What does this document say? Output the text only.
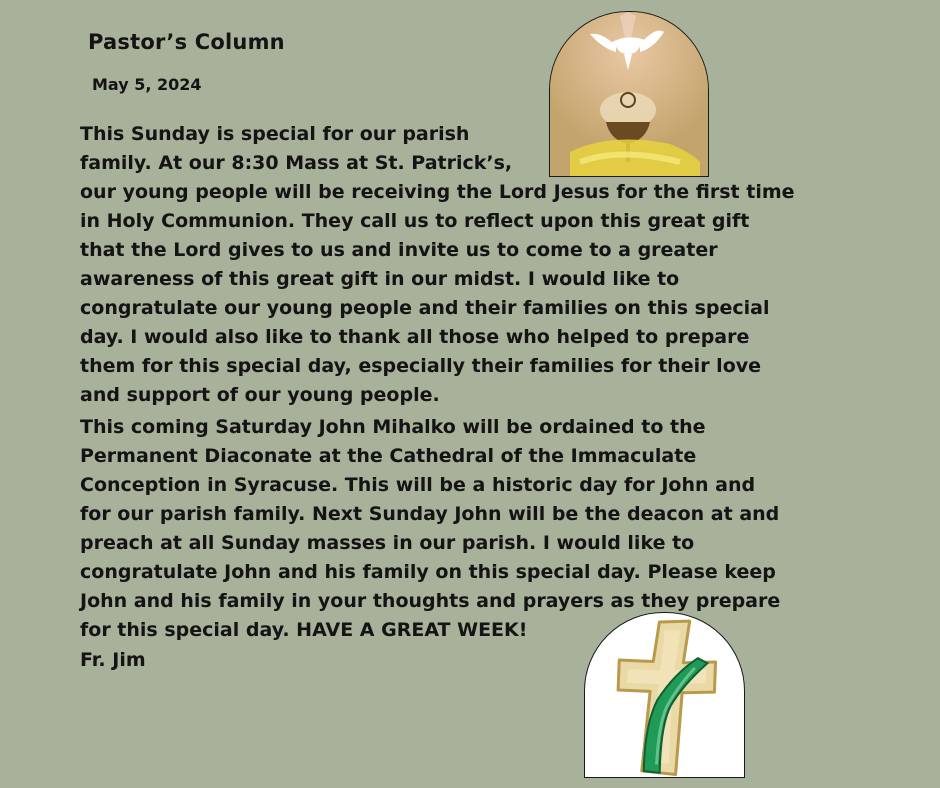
Pastor’s Column
May 5, 2024

This Sunday is special for our parish
family. At our 8:30 Mass at St. Patrick’s,
our young people will be receiving the Lord Jesus for the first time
in Holy Communion. They call us to reflect upon this great gift
that the Lord gives to us and invite us to come to a greater
awareness of this great gift in our midst. I would like to
congratulate our young people and their families on this special
day. I would also like to thank all those who helped to prepare
them for this special day, especially their families for their love
and support of our young people.

This coming Saturday John Mihalko will be ordained to the
Permanent Diaconate at the Cathedral of the Immaculate
Conception in Syracuse. This will be a historic day for John and
for our parish family. Next Sunday John will be the deacon at and
preach at all Sunday masses in our parish. I would like to
congratulate John and his family on this special day. Please keep
John and his family in your thoughts and prayers as they prepare
for this special day. HAVE A GREAT WEEK!

Fr. Jim
